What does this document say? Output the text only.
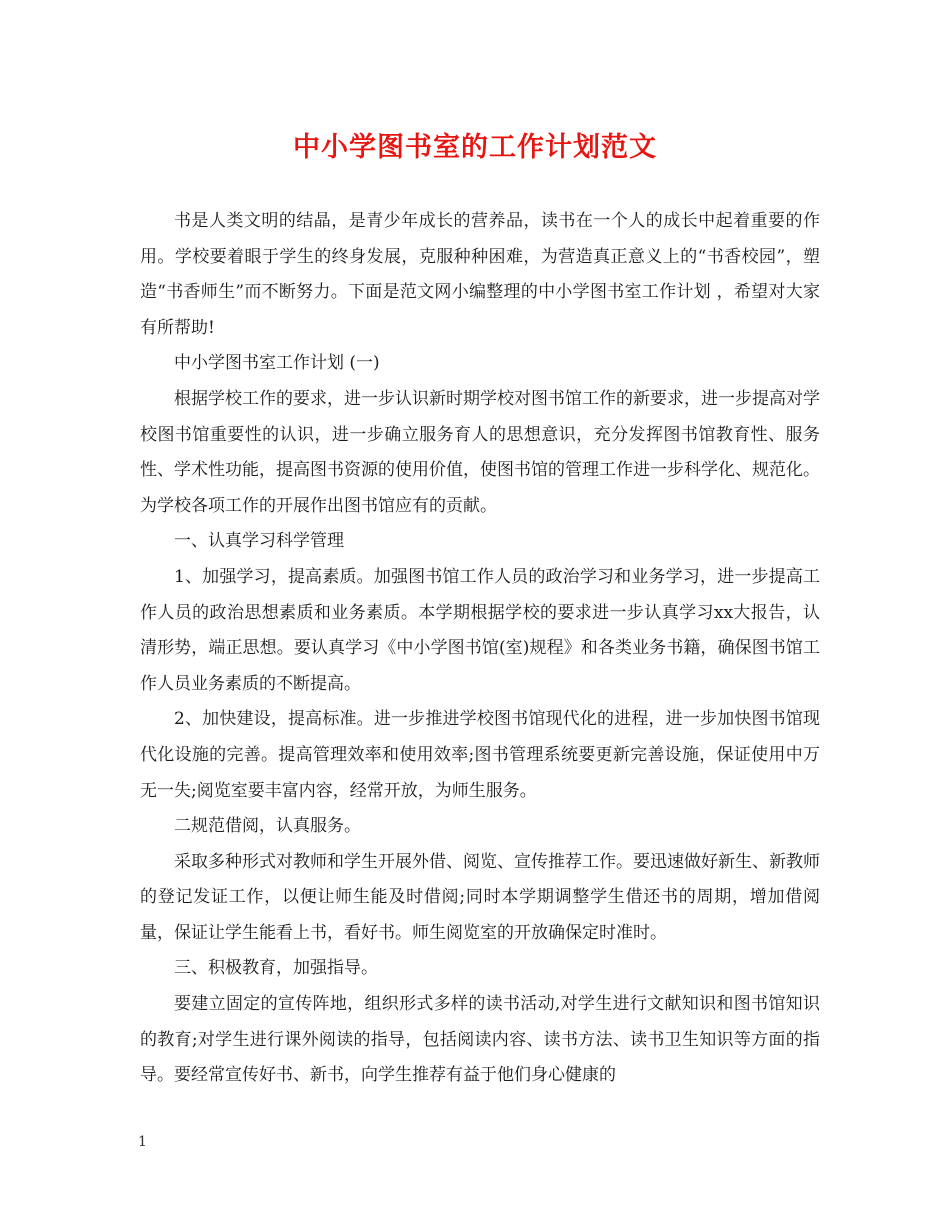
中小学图书室的工作计划范文

书是人类文明的结晶，是青少年成长的营养品，读书在一个人的成长中起着重要的作用。学校要着眼于学生的终身发展，克服种种困难，为营造真正意义上的“书香校园”，塑造“书香师生”而不断努力。下面是范文网小编整理的中小学图书室工作计划 ，希望对大家有所帮助!

中小学图书室工作计划 (一)

根据学校工作的要求，进一步认识新时期学校对图书馆工作的新要求，进一步提高对学校图书馆重要性的认识，进一步确立服务育人的思想意识，充分发挥图书馆教育性、服务性、学术性功能，提高图书资源的使用价值，使图书馆的管理工作进一步科学化、规范化。为学校各项工作的开展作出图书馆应有的贡献。

一、认真学习科学管理

1、加强学习，提高素质。加强图书馆工作人员的政治学习和业务学习，进一步提高工作人员的政治思想素质和业务素质。本学期根据学校的要求进一步认真学习xx大报告，认清形势，端正思想。要认真学习《中小学图书馆(室)规程》和各类业务书籍，确保图书馆工作人员业务素质的不断提高。

2、加快建设，提高标准。进一步推进学校图书馆现代化的进程，进一步加快图书馆现代化设施的完善。提高管理效率和使用效率;图书管理系统要更新完善设施，保证使用中万无一失;阅览室要丰富内容，经常开放，为师生服务。

二规范借阅，认真服务。

采取多种形式对教师和学生开展外借、阅览、宣传推荐工作。要迅速做好新生、新教师的登记发证工作，以便让师生能及时借阅;同时本学期调整学生借还书的周期，增加借阅量，保证让学生能看上书，看好书。师生阅览室的开放确保定时准时。

三、积极教育，加强指导。

要建立固定的宣传阵地，组织形式多样的读书活动,对学生进行文献知识和图书馆知识的教育;对学生进行课外阅读的指导，包括阅读内容、读书方法、读书卫生知识等方面的指导。要经常宣传好书、新书，向学生推荐有益于他们身心健康的

1
